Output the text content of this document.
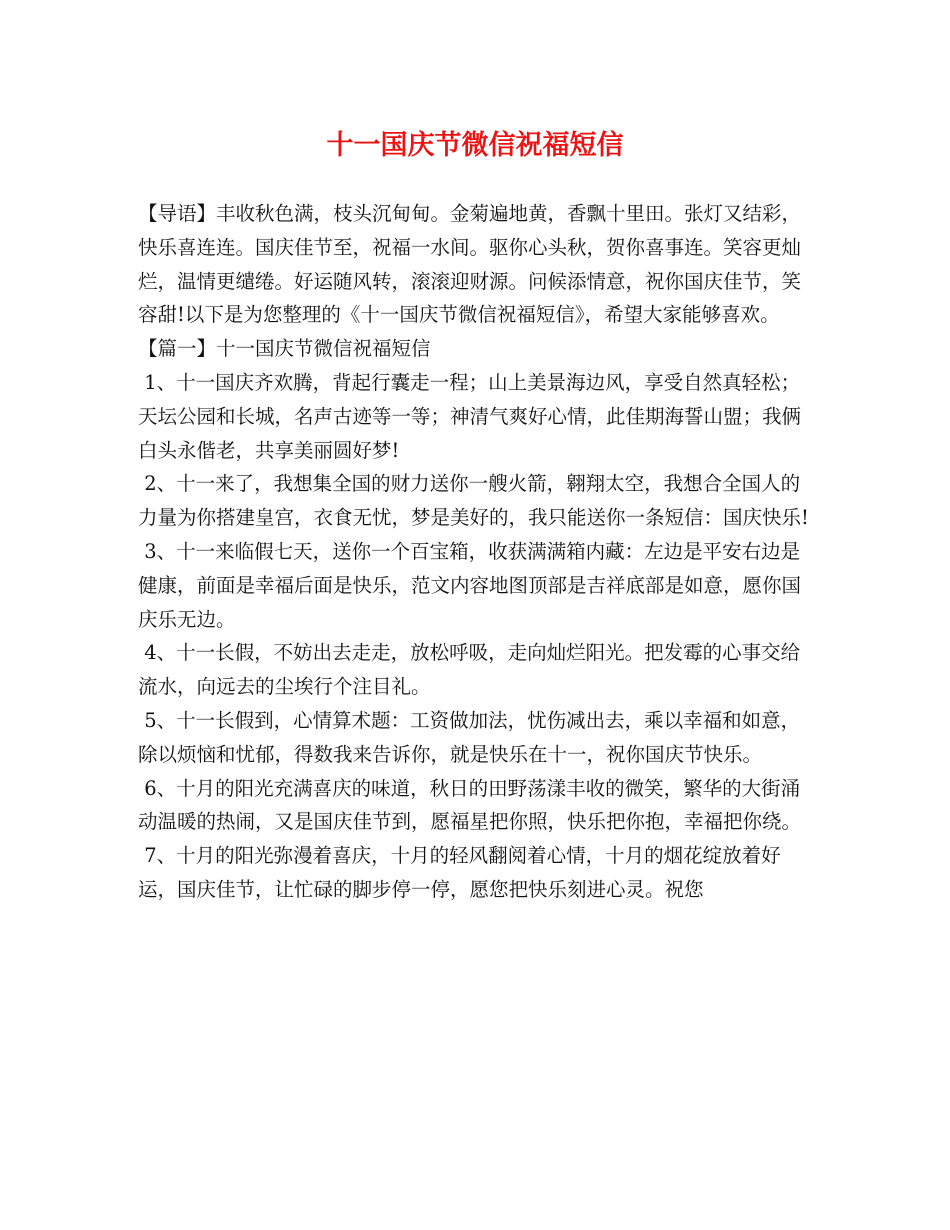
十一国庆节微信祝福短信

【导语】丰收秋色满，枝头沉甸甸。金菊遍地黄，香飘十里田。张灯又结彩，快乐喜连连。国庆佳节至，祝福一水间。驱你心头秋，贺你喜事连。笑容更灿烂，温情更缱绻。好运随风转，滚滚迎财源。问候添情意，祝你国庆佳节，笑容甜!以下是为您整理的《十一国庆节微信祝福短信》，希望大家能够喜欢。

【篇一】十一国庆节微信祝福短信

1、十一国庆齐欢腾，背起行囊走一程；山上美景海边风，享受自然真轻松；天坛公园和长城，名声古迹等一等；神清气爽好心情，此佳期海誓山盟；我俩白头永偕老，共享美丽圆好梦!

2、十一来了，我想集全国的财力送你一艘火箭，翱翔太空，我想合全国人的力量为你搭建皇宫，衣食无忧，梦是美好的，我只能送你一条短信：国庆快乐!

3、十一来临假七天，送你一个百宝箱，收获满满箱内藏：左边是平安右边是健康，前面是幸福后面是快乐，范文内容地图顶部是吉祥底部是如意，愿你国庆乐无边。

4、十一长假，不妨出去走走，放松呼吸，走向灿烂阳光。把发霉的心事交给流水，向远去的尘埃行个注目礼。

5、十一长假到，心情算术题：工资做加法，忧伤减出去，乘以幸福和如意，除以烦恼和忧郁，得数我来告诉你，就是快乐在十一，祝你国庆节快乐。

6、十月的阳光充满喜庆的味道，秋日的田野荡漾丰收的微笑，繁华的大街涌动温暖的热闹，又是国庆佳节到，愿福星把你照，快乐把你抱，幸福把你绕。

7、十月的阳光弥漫着喜庆，十月的轻风翻阅着心情，十月的烟花绽放着好运，国庆佳节，让忙碌的脚步停一停，愿您把快乐刻进心灵。祝您
